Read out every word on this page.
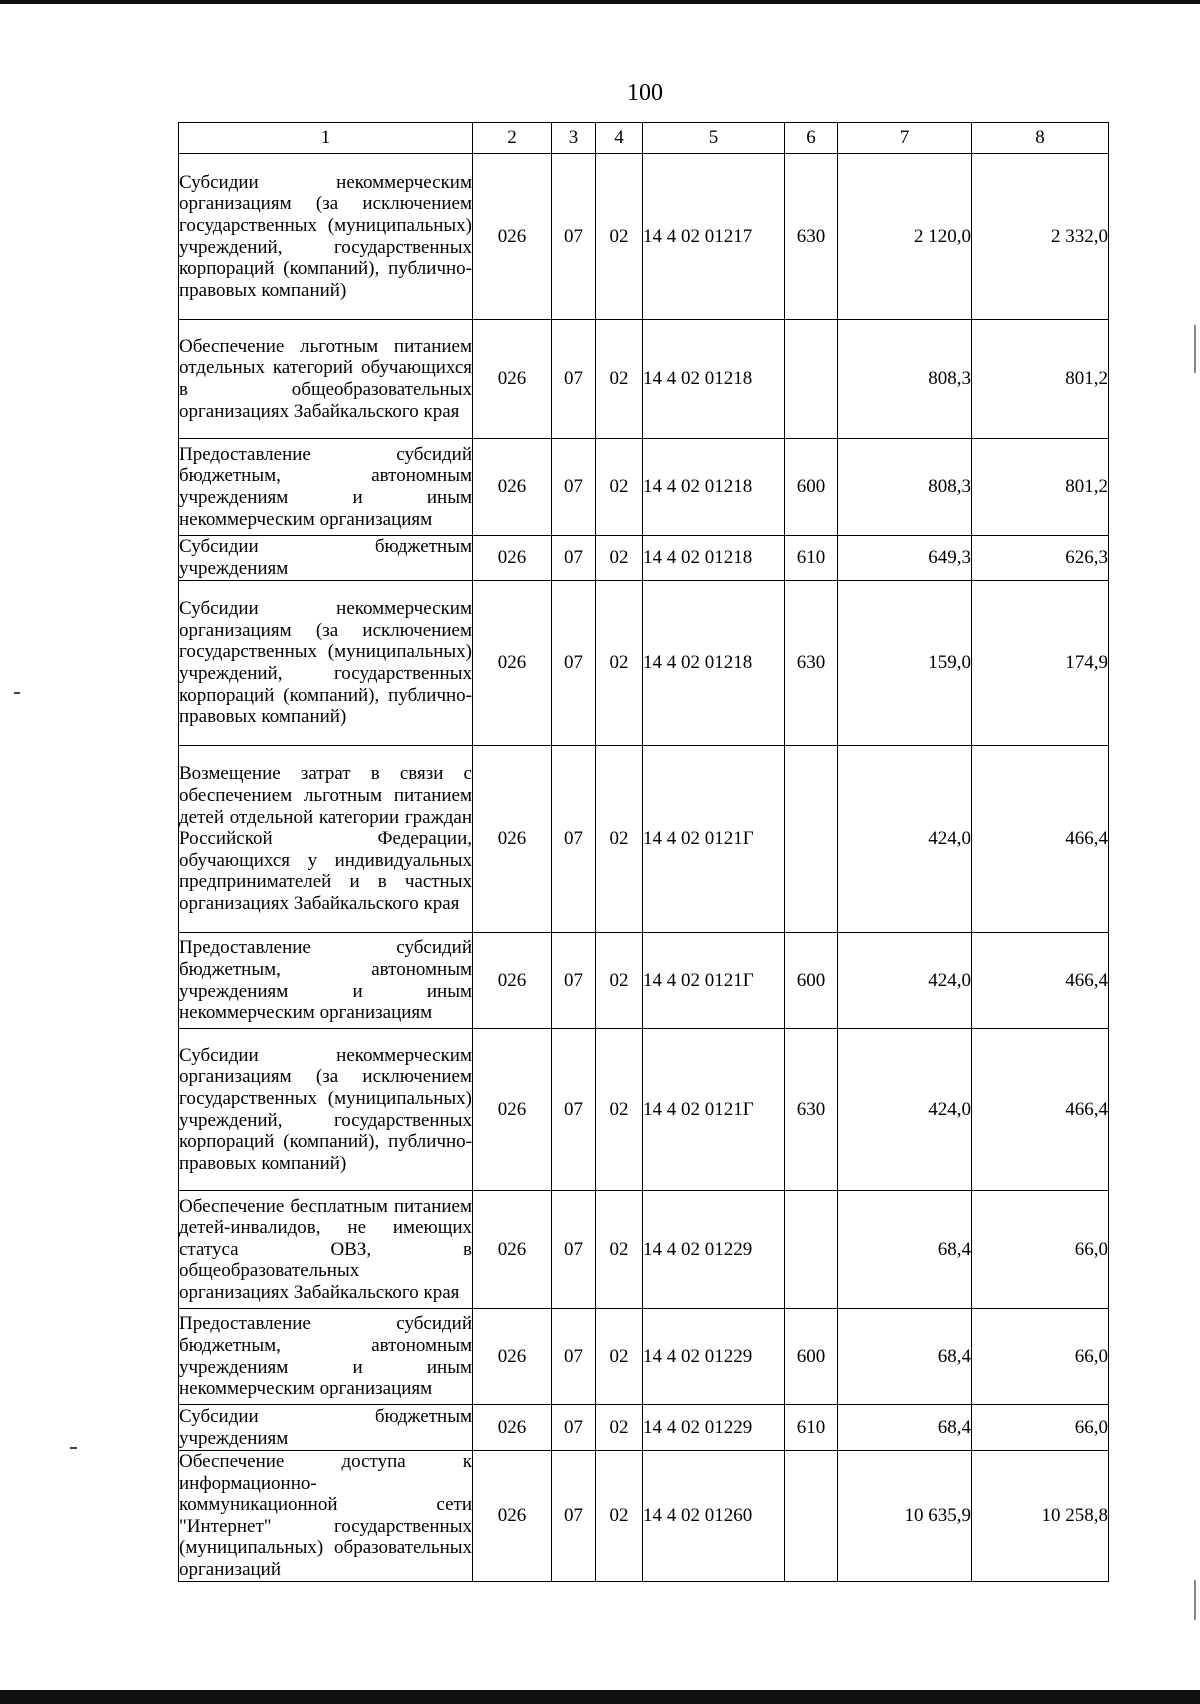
100
1	2	3	4	5	6	7	8
Субсидии некоммерческим организациям (за исключением государственных (муниципальных) учреждений, государственных корпораций (компаний), публично-правовых компаний)	026	07	02	14 4 02 01217	630	2 120,0	2 332,0
Обеспечение льготным питанием отдельных категорий обучающихся в общеобразовательных организациях Забайкальского края	026	07	02	14 4 02 01218		808,3	801,2
Предоставление субсидий бюджетным, автономным учреждениям и иным некоммерческим организациям	026	07	02	14 4 02 01218	600	808,3	801,2
Субсидии бюджетным учреждениям	026	07	02	14 4 02 01218	610	649,3	626,3
Субсидии некоммерческим организациям (за исключением государственных (муниципальных) учреждений, государственных корпораций (компаний), публично-правовых компаний)	026	07	02	14 4 02 01218	630	159,0	174,9
Возмещение затрат в связи с обеспечением льготным питанием детей отдельной категории граждан Российской Федерации, обучающихся у индивидуальных предпринимателей и в частных организациях Забайкальского края	026	07	02	14 4 02 0121Г		424,0	466,4
Предоставление субсидий бюджетным, автономным учреждениям и иным некоммерческим организациям	026	07	02	14 4 02 0121Г	600	424,0	466,4
Субсидии некоммерческим организациям (за исключением государственных (муниципальных) учреждений, государственных корпораций (компаний), публично-правовых компаний)	026	07	02	14 4 02 0121Г	630	424,0	466,4
Обеспечение бесплатным питанием детей-инвалидов, не имеющих статуса ОВЗ, в общеобразовательных организациях Забайкальского края	026	07	02	14 4 02 01229		68,4	66,0
Предоставление субсидий бюджетным, автономным учреждениям и иным некоммерческим организациям	026	07	02	14 4 02 01229	600	68,4	66,0
Субсидии бюджетным учреждениям	026	07	02	14 4 02 01229	610	68,4	66,0
Обеспечение доступа к информационно-коммуникационной сети "Интернет" государственных (муниципальных) образовательных организаций	026	07	02	14 4 02 01260		10 635,9	10 258,8
